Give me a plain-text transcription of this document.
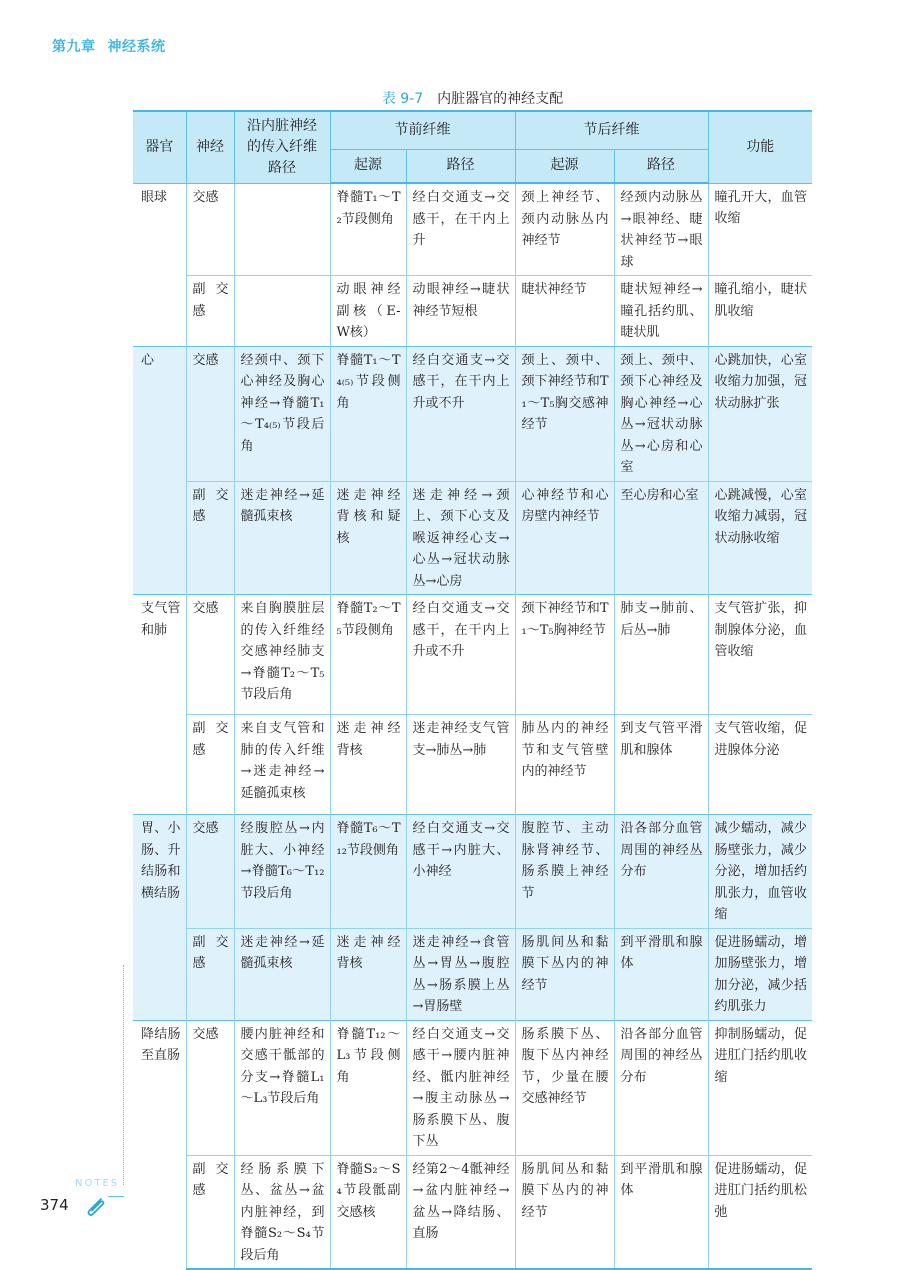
第九章 神经系统
表 9-7 内脏器官的神经支配
器官	神经	沿内脏神经的传入纤维路径	节前纤维		节后纤维		功能
			起源	路径	起源	路径	
眼球	交感		脊髓T₁～T₂节段侧角	经白交通支→交感干，在干内上升	颈上神经节、颈内动脉丛内神经节	经颈内动脉丛→眼神经、睫状神经节→眼球	瞳孔开大，血管收缩
	副交感		动眼神经副核（E-W核）	动眼神经→睫状神经节短根	睫状神经节	睫状短神经→瞳孔括约肌、睫状肌	瞳孔缩小，睫状肌收缩
心	交感	经颈中、颈下心神经及胸心神经→脊髓T₁～T₄₍₅₎节段后角	脊髓T₁～T₄₍₅₎节段侧角	经白交通支→交感干，在干内上升或不升	颈上、颈中、颈下神经节和T₁～T₅胸交感神经节	颈上、颈中、颈下心神经及胸心神经→心丛→冠状动脉丛→心房和心室	心跳加快，心室收缩力加强，冠状动脉扩张
	副交感	迷走神经→延髓孤束核	迷走神经背核和疑核	迷走神经→颈上、颈下心支及喉返神经心支→心丛→冠状动脉丛→心房	心神经节和心房壁内神经节	至心房和心室	心跳减慢，心室收缩力减弱，冠状动脉收缩
支气管和肺	交感	来自胸膜脏层的传入纤维经交感神经肺支→脊髓T₂～T₅节段后角	脊髓T₂～T₅节段侧角	经白交通支→交感干，在干内上升或不升	颈下神经节和T₁～T₅胸神经节	肺支→肺前、后丛→肺	支气管扩张，抑制腺体分泌，血管收缩
	副交感	来自支气管和肺的传入纤维→迷走神经→延髓孤束核	迷走神经背核	迷走神经支气管支→肺丛→肺	肺丛内的神经节和支气管壁内的神经节	到支气管平滑肌和腺体	支气管收缩，促进腺体分泌
胃、小肠、升结肠和横结肠	交感	经腹腔丛→内脏大、小神经→脊髓T₆～T₁₂节段后角	脊髓T₆～T₁₂节段侧角	经白交通支→交感干→内脏大、小神经	腹腔节、主动脉肾神经节、肠系膜上神经节	沿各部分血管周围的神经丛分布	减少蠕动，减少肠壁张力，减少分泌，增加括约肌张力，血管收缩
	副交感	迷走神经→延髓孤束核	迷走神经背核	迷走神经→食管丛→胃丛→腹腔丛→肠系膜上丛→胃肠壁	肠肌间丛和黏膜下丛内的神经节	到平滑肌和腺体	促进肠蠕动，增加肠壁张力，增加分泌，减少括约肌张力
降结肠至直肠	交感	腰内脏神经和交感干骶部的分支→脊髓L₁～L₃节段后角	脊髓T₁₂～L₃节段侧角	经白交通支→交感干→腰内脏神经、骶内脏神经→腹主动脉丛→肠系膜下丛、腹下丛	肠系膜下丛、腹下丛内神经节，少量在腰交感神经节	沿各部分血管周围的神经丛分布	抑制肠蠕动，促进肛门括约肌收缩
	副交感	经肠系膜下丛、盆丛→盆内脏神经，到脊髓S₂～S₄节段后角	脊髓S₂～S₄节段骶副交感核	经第2～4骶神经→盆内脏神经→盆丛→降结肠、直肠	肠肌间丛和黏膜下丛内的神经节	到平滑肌和腺体	促进肠蠕动，促进肛门括约肌松弛
NOTES
374
